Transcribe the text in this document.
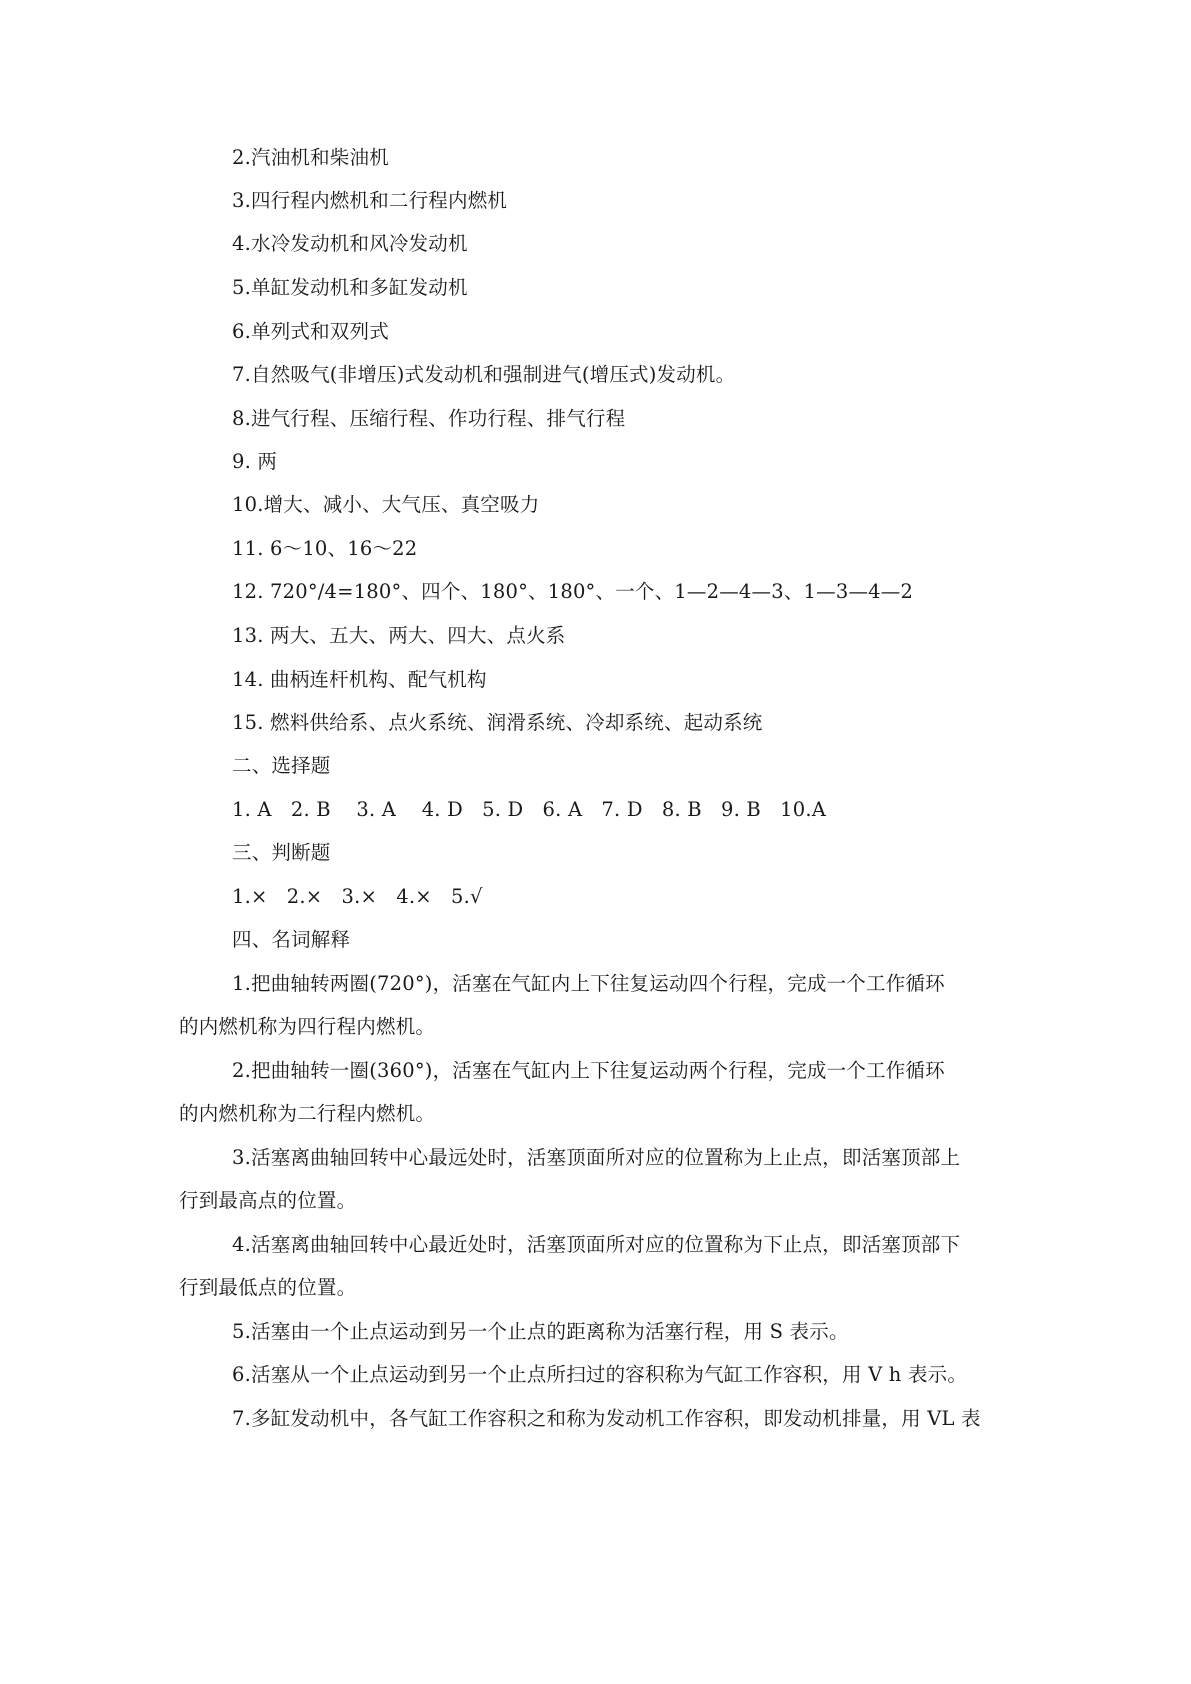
2.汽油机和柴油机
3.四行程内燃机和二行程内燃机
4.水冷发动机和风冷发动机
5.单缸发动机和多缸发动机
6.单列式和双列式
7.自然吸气(非增压)式发动机和强制进气(增压式)发动机。
8.进气行程、压缩行程、作功行程、排气行程
9. 两
10.增大、减小、大气压、真空吸力
11. 6～10、16～22
12. 720°/4=180°、四个、180°、180°、一个、1—2—4—3、1—3—4—2
13. 两大、五大、两大、四大、点火系
14. 曲柄连杆机构、配气机构
15. 燃料供给系、点火系统、润滑系统、冷却系统、起动系统
二、选择题
1. A   2. B    3. A    4. D   5. D   6. A   7. D   8. B   9. B   10.A
三、判断题
1.×   2.×   3.×   4.×   5.√
四、名词解释
1.把曲轴转两圈(720°)，活塞在气缸内上下往复运动四个行程，完成一个工作循环
的内燃机称为四行程内燃机。
2.把曲轴转一圈(360°)，活塞在气缸内上下往复运动两个行程，完成一个工作循环
的内燃机称为二行程内燃机。
3.活塞离曲轴回转中心最远处时，活塞顶面所对应的位置称为上止点，即活塞顶部上
行到最高点的位置。
4.活塞离曲轴回转中心最近处时，活塞顶面所对应的位置称为下止点，即活塞顶部下
行到最低点的位置。
5.活塞由一个止点运动到另一个止点的距离称为活塞行程，用 S 表示。
6.活塞从一个止点运动到另一个止点所扫过的容积称为气缸工作容积，用 V h 表示。
7.多缸发动机中，各气缸工作容积之和称为发动机工作容积，即发动机排量，用 VL 表
